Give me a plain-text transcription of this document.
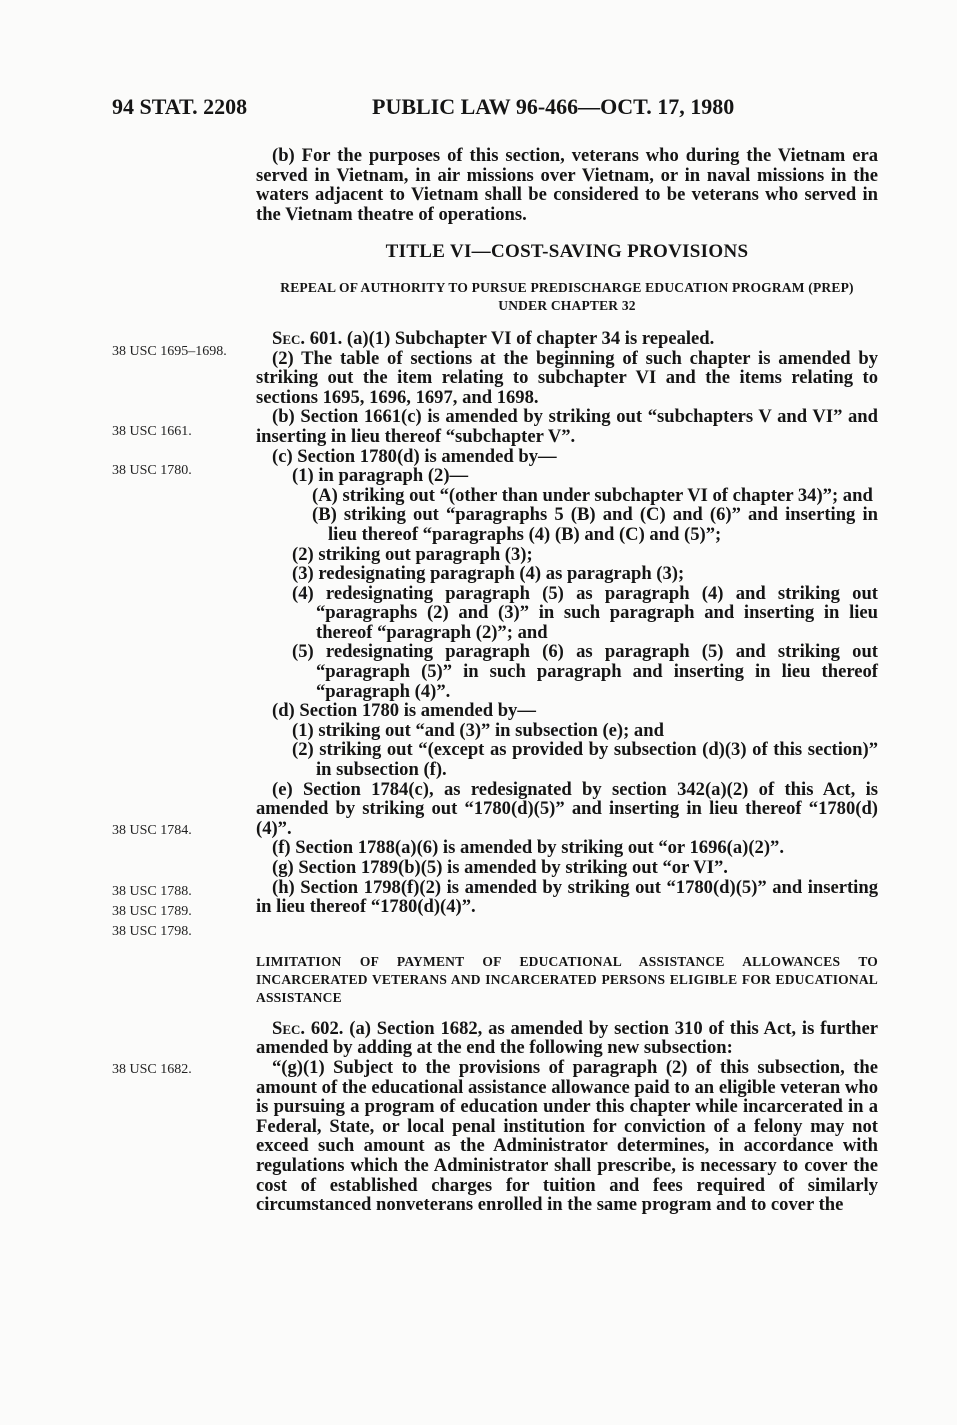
94 STAT. 2208	PUBLIC LAW 96-466—OCT. 17, 1980
38 USC 1695–1698.
38 USC 1661.
38 USC 1780.
38 USC 1784.
38 USC 1788.
38 USC 1789.
38 USC 1798.
38 USC 1682.

(b) For the purposes of this section, veterans who during the Vietnam era served in Vietnam, in air missions over Vietnam, or in naval missions in the waters adjacent to Vietnam shall be considered to be veterans who served in the Vietnam theatre of operations.

TITLE VI—COST-SAVING PROVISIONS
REPEAL OF AUTHORITY TO PURSUE PREDISCHARGE EDUCATION PROGRAM (PREP) UNDER CHAPTER 32

Sec. 601. (a)(1) Subchapter VI of chapter 34 is repealed.

(2) The table of sections at the beginning of such chapter is amended by striking out the item relating to subchapter VI and the items relating to sections 1695, 1696, 1697, and 1698.

(b) Section 1661(c) is amended by striking out “subchapters V and VI” and inserting in lieu thereof “subchapter V”.

(c) Section 1780(d) is amended by—

(1) in paragraph (2)—

(A) striking out “(other than under subchapter VI of chapter 34)”; and

(B) striking out “paragraphs 5 (B) and (C) and (6)” and inserting in lieu thereof “paragraphs (4) (B) and (C) and (5)”;

(2) striking out paragraph (3);

(3) redesignating paragraph (4) as paragraph (3);

(4) redesignating paragraph (5) as paragraph (4) and striking out “paragraphs (2) and (3)” in such paragraph and inserting in lieu thereof “paragraph (2)”; and

(5) redesignating paragraph (6) as paragraph (5) and striking out “paragraph (5)” in such paragraph and inserting in lieu thereof “paragraph (4)”.

(d) Section 1780 is amended by—

(1) striking out “and (3)” in subsection (e); and

(2) striking out “(except as provided by subsection (d)(3) of this section)” in subsection (f).

(e) Section 1784(c), as redesignated by section 342(a)(2) of this Act, is amended by striking out “1780(d)(5)” and inserting in lieu thereof “1780(d)(4)”.

(f) Section 1788(a)(6) is amended by striking out “or 1696(a)(2)”.

(g) Section 1789(b)(5) is amended by striking out “or VI”.

(h) Section 1798(f)(2) is amended by striking out “1780(d)(5)” and inserting in lieu thereof “1780(d)(4)”.

LIMITATION OF PAYMENT OF EDUCATIONAL ASSISTANCE ALLOWANCES TO INCARCERATED VETERANS AND INCARCERATED PERSONS ELIGIBLE FOR EDUCATIONAL ASSISTANCE

Sec. 602. (a) Section 1682, as amended by section 310 of this Act, is further amended by adding at the end the following new subsection:

“(g)(1) Subject to the provisions of paragraph (2) of this subsection, the amount of the educational assistance allowance paid to an eligible veteran who is pursuing a program of education under this chapter while incarcerated in a Federal, State, or local penal institution for conviction of a felony may not exceed such amount as the Administrator determines, in accordance with regulations which the Administrator shall prescribe, is necessary to cover the cost of established charges for tuition and fees required of similarly circumstanced nonveterans enrolled in the same program and to cover the
